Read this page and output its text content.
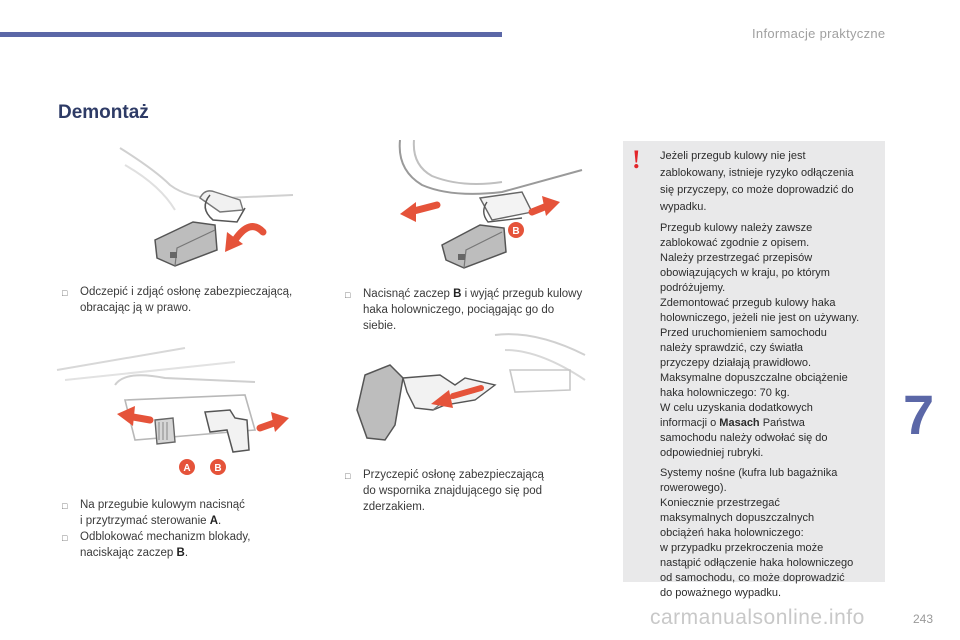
Informacje praktyczne
Demontaż
B
A B
□	Odczepić i zdjąć osłonę zabezpieczającą,
obracając ją w prawo.
□	Nacisnąć zaczep B i wyjąć przegub kulowy
haka holowniczego, pociągając go do
siebie.
□	Na przegubie kulowym nacisnąć
i przytrzymać sterowanie A.
□	Odblokować mechanizm blokady,
naciskając zaczep B.
□	Przyczepić osłonę zabezpieczającą
do wspornika znajdującego się pod
zderzakiem.
! Jeżeli przegub kulowy nie jest
zablokowany, istnieje ryzyko odłączenia
się przyczepy, co może doprowadzić do
wypadku.

Przegub kulowy należy zawsze
zablokować zgodnie z opisem.
Należy przestrzegać przepisów
obowiązujących w kraju, po którym
podróżujemy.
Zdemontować przegub kulowy haka
holowniczego, jeżeli nie jest on używany.
Przed uruchomieniem samochodu
należy sprawdzić, czy światła
przyczepy działają prawidłowo.
Maksymalne dopuszczalne obciążenie
haka holowniczego: 70 kg.
W celu uzyskania dodatkowych
informacji o Masach Państwa
samochodu należy odwołać się do
odpowiedniej rubryki.

Systemy nośne (kufra lub bagażnika
rowerowego).
Koniecznie przestrzegać
maksymalnych dopuszczalnych
obciążeń haka holowniczego:
w przypadku przekroczenia może
nastąpić odłączenie haka holowniczego
od samochodu, co może doprowadzić
do poważnego wypadku.

7
carmanualsonline.info	243
